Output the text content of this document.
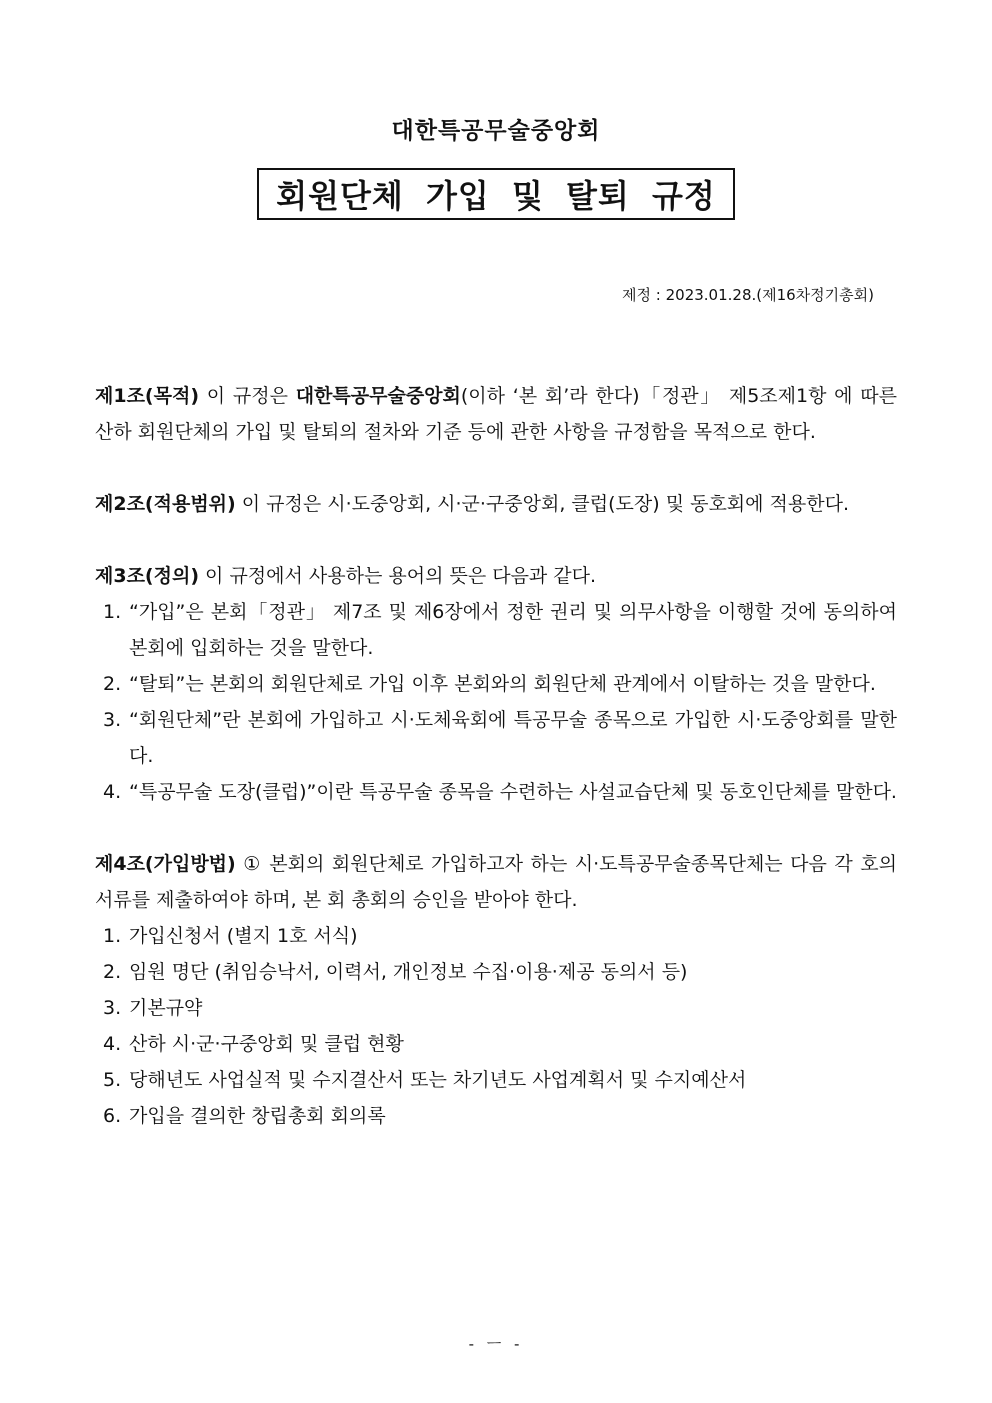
대한특공무술중앙회
회원단체 가입 및 탈퇴 규정
제정 : 2023.01.28.(제16차정기총회)
제1조(목적) 이 규정은 대한특공무술중앙회(이하 ‘본 회’라 한다)「정관」 제5조제1항 에 따른 산하 회원단체의 가입 및 탈퇴의 절차와 기준 등에 관한 사항을 규정함을 목적으로 한다.
제2조(적용범위) 이 규정은 시·도중앙회, 시·군·구중앙회, 클럽(도장) 및 동호회에 적용한다.
제3조(정의) 이 규정에서 사용하는 용어의 뜻은 다음과 같다.
1. “가입”은 본회「정관」 제7조 및 제6장에서 정한 권리 및 의무사항을 이행할 것에 동의하여 본회에 입회하는 것을 말한다.
2. “탈퇴”는 본회의 회원단체로 가입 이후 본회와의 회원단체 관계에서 이탈하는 것을 말한다.
3. “회원단체”란 본회에 가입하고 시·도체육회에 특공무술 종목으로 가입한 시·도중앙회를 말한다.
4. “특공무술 도장(클럽)”이란 특공무술 종목을 수련하는 사설교습단체 및 동호인단체를 말한다.
제4조(가입방법) ① 본회의 회원단체로 가입하고자 하는 시·도특공무술종목단체는 다음 각 호의 서류를 제출하여야 하며, 본 회 총회의 승인을 받아야 한다.
1. 가입신청서 (별지 1호 서식)
2. 임원 명단 (취임승낙서, 이력서, 개인정보 수집·이용·제공 동의서 등)
3. 기본규약
4. 산하 시·군·구중앙회 및 클럽 현황
5. 당해년도 사업실적 및 수지결산서 또는 차기년도 사업계획서 및 수지예산서
6. 가입을 결의한 창립총회 회의록
- ㅡ -
